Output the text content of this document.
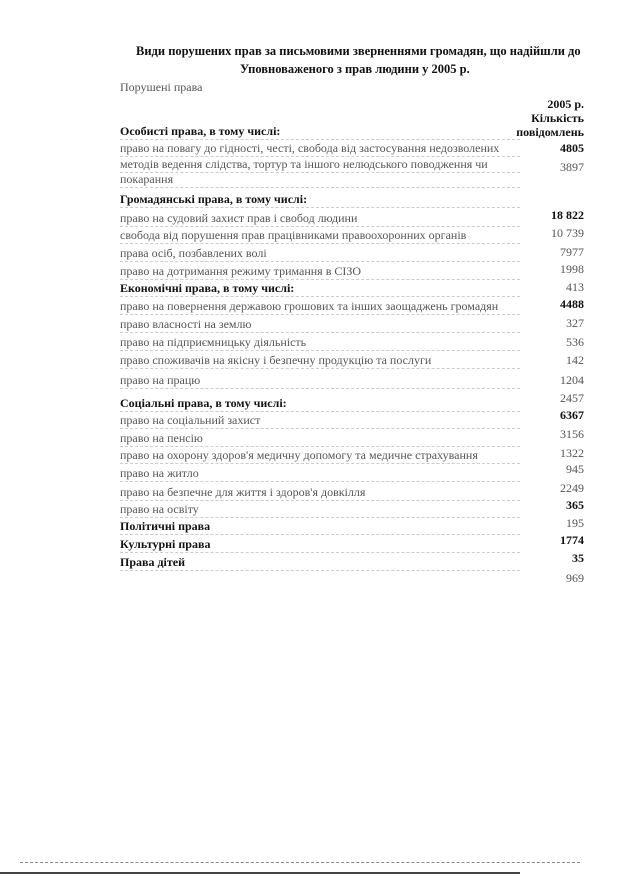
Види порушених прав за письмовими зверненнями громадян, що надійшли до
Уповноваженого з прав людини у 2005 р.
Порушені права
2005 р.
Кількість
повідомлень
Особисті права, в тому числі:
право на повагу до гідності, честі, свобода від застосування недозволених
методів ведення слідства, тортур та іншого нелюдського поводження чи
покарання
Громадянські права, в тому числі:
право на судовий захист прав і свобод людини
свобода від порушення прав працівниками правоохоронних органів
права осіб, позбавлених волі
право на дотримання режиму тримання в СІЗО
Економічні права, в тому числі:
право на повернення державою грошових та інших заощаджень громадян
право власності на землю
право на підприємницьку діяльність
право споживачів на якісну і безпечну продукцію та послуги
право на працю
Соціальні права, в тому числі:
право на соціальний захист
право на пенсію
право на охорону здоров'я медичну допомогу та медичне страхування
право на житло
право на безпечне для життя і здоров'я довкілля
право на освіту
Політичні права
Культурні права
Права дітей
4805
3897
18 822
10 739
7977
1998
413
4488
327
536
142
1204
2457
6367
3156
1322
945
2249
365
195
1774
35
969
